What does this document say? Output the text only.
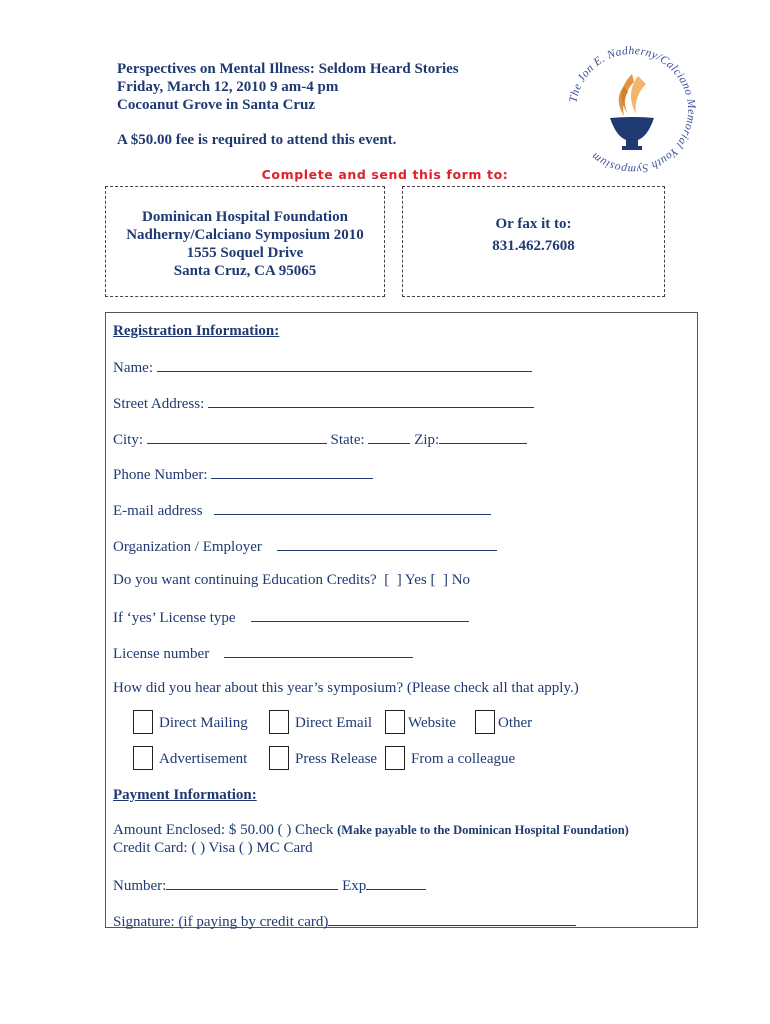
Perspectives on Mental Illness: Seldom Heard Stories
Friday, March 12, 2010 9 am-4 pm
Cocoanut Grove in Santa Cruz
A $50.00 fee is required to attend this event.
The Jon E. Nadherny/Calciano Memorial Youth Symposium
Complete and send this form to:
Dominican Hospital Foundation
Nadherny/Calciano Symposium 2010
1555 Soquel Drive
Santa Cruz, CA 95065
Or fax it to:
831.462.7608
Registration Information:
Name:
Street Address:
City:	State:	Zip:
Phone Number:
E-mail address
Organization / Employer
Do you want continuing Education Credits?  [  ] Yes [  ] No
If ‘yes’ License type
License number
How did you hear about this year’s symposium? (Please check all that apply.)
Direct Mailing	Direct Email Website	Other
Advertisement	Press Release From a colleague
Payment Information:
Amount Enclosed: $ 50.00 ( ) Check (Make payable to the Dominican Hospital Foundation)
Credit Card: ( ) Visa ( ) MC Card
Number:	Exp
Signature: (if paying by credit card)
